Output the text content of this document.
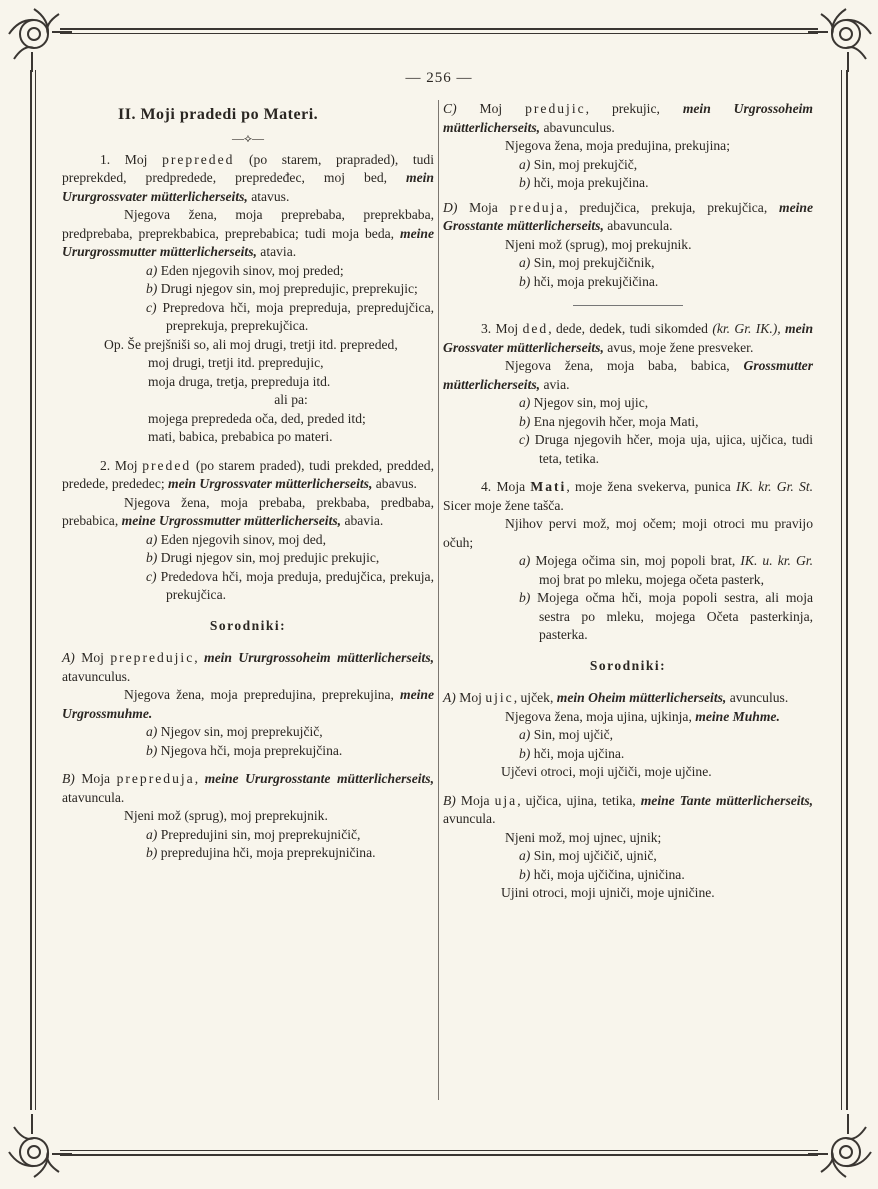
— 256 —
II. Moji pradedi po Materi.
—⟡—

1. Moj prepreded (po starem, prapraded), tudi preprekded, predpredede, prepredeđec, moj bed, mein Ururgrossvater mütterlicherseits, atavus.

Njegova žena, moja preprebaba, preprekbaba, predprebaba, preprekbabica, preprebabica; tudi moja beda, meine Ururgrossmutter mütterlicherseits, atavia.

a) Eden njegovih sinov, moj preded;
b) Drugi njegov sin, moj prepredujic, preprekujic;
c) Prepredova hči, moja prepreduja, prepredujčica, preprekuja, preprekujčica.
Op. Še prejšniši so, ali moj drugi, tretji itd. prepreded,
moj drugi, tretji itd. prepredujic,
moja druga, tretja, prepreduja itd.
ali pa:
mojega preprededa oča, ded, preded itd;
mati, babica, prebabica po materi.

2. Moj preded (po starem praded), tudi prekded, predded, predede, prededec; mein Urgrossvater mütterlicherseits, abavus.

Njegova žena, moja prebaba, prekbaba, predbaba, prebabica, meine Urgrossmutter mütterlicherseits, abavia.

a) Eden njegovih sinov, moj ded,
b) Drugi njegov sin, moj predujic prekujic,
c) Prededova hči, moja preduja, predujčica, prekuja, prekujčica.
Sorodniki:

A) Moj prepredujic, mein Ururgrossoheim mütterlicherseits, atavunculus.

Njegova žena, moja prepredujina, preprekujina, meine Urgrossmuhme.

a) Njegov sin, moj preprekujčič,
b) Njegova hči, moja preprekujčina.

B) Moja prepreduja, meine Ururgrosstante mütterlicherseits, atavuncula.

Njeni mož (sprug), moj preprekujnik.

a) Prepredujini sin, moj preprekujničič,
b) prepredujina hči, moja preprekujničina.

C) Moj predujic, prekujic, mein Urgrossoheim mütterlicherseits, abavunculus.

Njegova žena, moja predujina, prekujina;

a) Sin, moj prekujčič,
b) hči, moja prekujčina.

D) Moja preduja, predujčica, prekuja, prekujčica, meine Grosstante mütterlicherseits, abavuncula.

Njeni mož (sprug), moj prekujnik.

a) Sin, moj prekujčičnik,
b) hči, moja prekujčičina.

3. Moj ded, dede, dedek, tudi sikomded (kr. Gr. IK.), mein Grossvater mütterlicherseits, avus, moje žene presveker.

Njegova žena, moja baba, babica, Grossmutter mütterlicherseits, avia.

a) Njegov sin, moj ujic,
b) Ena njegovih hčer, moja Mati,
c) Druga njegovih hčer, moja uja, ujica, ujčica, tudi teta, tetika.

4. Moja Mati, moje žena svekerva, punica IK. kr. Gr. St. Sicer moje žene tašča.

Njihov pervi mož, moj očem; moji otroci mu pravijo očuh;

a) Mojega očima sin, moj popoli brat, IK. u. kr. Gr. moj brat po mleku, mojega očeta pasterk,
b) Mojega očma hči, moja popoli sestra, ali moja sestra po mleku, mojega Očeta pasterkinja, pasterka.
Sorodniki:

A) Moj ujic, ujček, mein Oheim mütterlicherseits, avunculus.

Njegova žena, moja ujina, ujkinja, meine Muhme.

a) Sin, moj ujčič,
b) hči, moja ujčina.

Ujčevi otroci, moji ujčiči, moje ujčine.

B) Moja uja, ujčica, ujina, tetika, meine Tante mütterlicherseits, avuncula.

Njeni mož, moj ujnec, ujnik;

a) Sin, moj ujčičič, ujnič,
b) hči, moja ujčičina, ujničina.

Ujini otroci, moji ujniči, moje ujničine.
